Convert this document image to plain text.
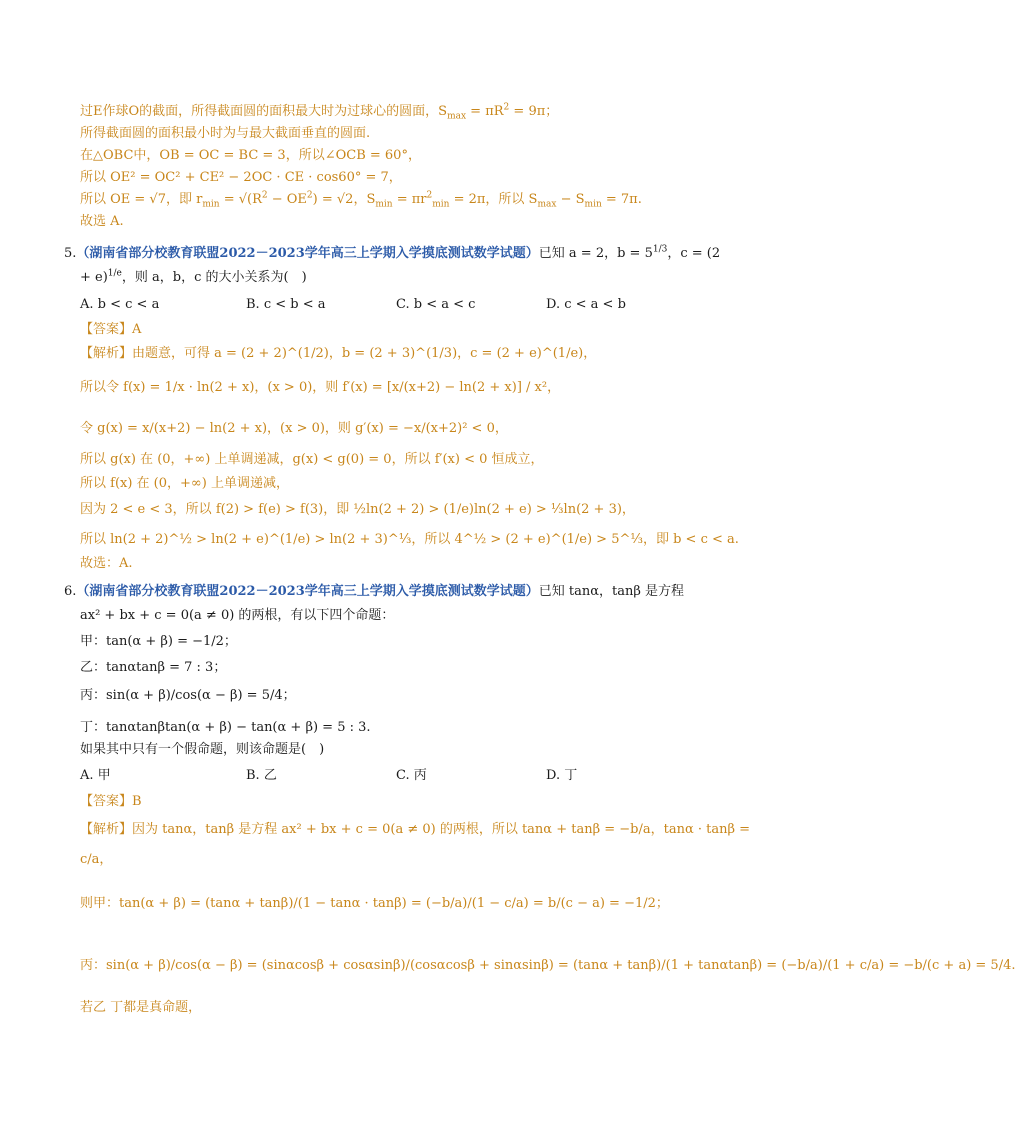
过E作球O的截面，所得截面圆的面积最大时为过球心的圆面，$S_{max} = \pi R^2 = 9\pi$；
所得截面圆的面积最小时为与最大截面垂直的圆面.
在△OBC中，OB = OC = BC = 3，所以∠OCB = 60°，
所以 OE² = OC² + CE² − 2OC · CE · cos60° = 7，
所以 OE = √7，即 $r_{min} = √(R^2 - OE^2) = √2$，$S_{min} = \pi r^2_{min} = 2\pi$，所以 $S_{max} - S_{min} = 7\pi$.
故选 A.
5.（湖南省部分校教育联盟2022－2023学年高三上学期入学摸底测试数学试题）已知 a = 2，$b = 5^{1/3}$，c = (2
+ e)$^{1/e}$，则 a，b，c 的大小关系为(　)
A. b < c < a	B. c < b < a	C. b < a < c	D. c < a < b
【答案】A
【解析】由题意，可得 a = (2 + 2)^(1/2)，b = (2 + 3)^(1/3)，c = (2 + e)^(1/e)，
所以令 f(x) = 1/x · ln(2 + x)，(x > 0)，则 f′(x) = [x/(x+2) − ln(2 + x)] / x²，
令 g(x) = x/(x+2) − ln(2 + x)，(x > 0)，则 g′(x) = −x/(x+2)² < 0，
所以 g(x) 在 (0，+∞) 上单调递减，g(x) < g(0) = 0，所以 f′(x) < 0 恒成立，
所以 f(x) 在 (0，+∞) 上单调递减，
因为 2 < e < 3，所以 f(2) > f(e) > f(3)，即 ½ln(2 + 2) > (1/e)ln(2 + e) > ⅓ln(2 + 3)，
所以 ln(2 + 2)^½ > ln(2 + e)^(1/e) > ln(2 + 3)^⅓，所以 4^½ > (2 + e)^(1/e) > 5^⅓，即 b < c < a.
故选：A.
6.（湖南省部分校教育联盟2022－2023学年高三上学期入学摸底测试数学试题）已知 tanα，tanβ 是方程
ax² + bx + c = 0(a ≠ 0) 的两根，有以下四个命题：
甲：tan(α + β) = −1/2；
乙：tanαtanβ = 7 : 3；
丙：sin(α + β)/cos(α − β) = 5/4；
丁：tanαtanβtan(α + β) − tan(α + β) = 5 : 3.
如果其中只有一个假命题，则该命题是(　)
A. 甲	B. 乙	C. 丙	D. 丁
【答案】B
【解析】因为 tanα，tanβ 是方程 ax² + bx + c = 0(a ≠ 0) 的两根，所以 tanα + tanβ = −b/a，tanα · tanβ =
c/a，
则甲：tan(α + β) = (tanα + tanβ)/(1 − tanα · tanβ) = (−b/a)/(1 − c/a) = b/(c − a) = −1/2；
丙：sin(α + β)/cos(α − β) = (sinαcosβ + cosαsinβ)/(cosαcosβ + sinαsinβ) = (tanα + tanβ)/(1 + tanαtanβ) = (−b/a)/(1 + c/a) = −b/(c + a) = 5/4.
若乙 丁都是真命题，
